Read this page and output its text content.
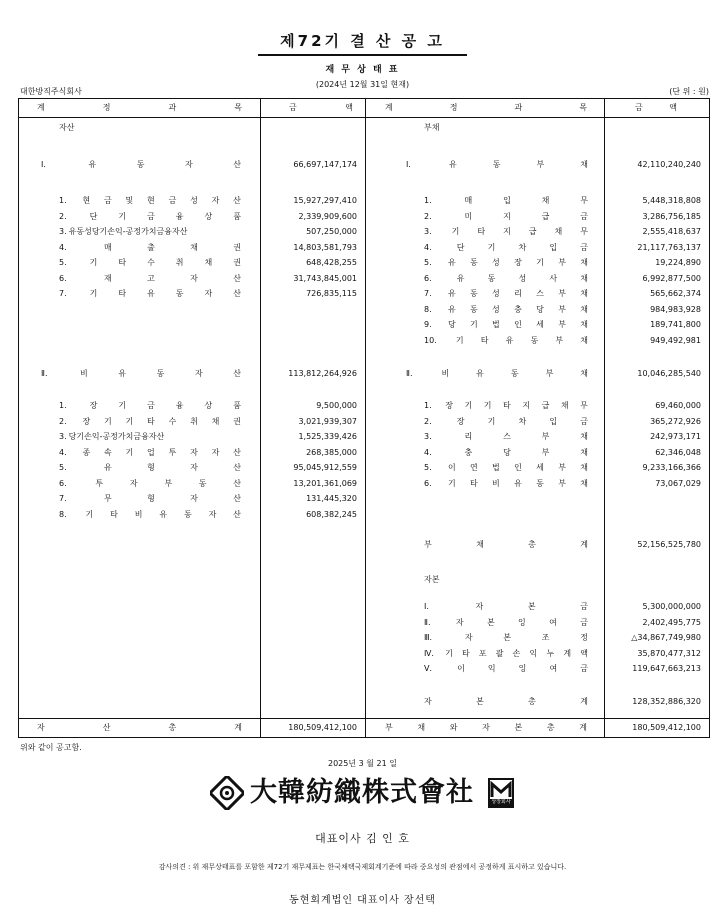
제72기 결 산 공 고
재 무 상 태 표
(2024년 12월 31일 현재)
대한방직주식회사	(단 위 : 원)
계	정	과	목	금	액	계	정	과	목	금	액
자 산
Ⅰ.	유	동	자	산	66,697,147,174
1. 현 금 및 현 금 성 자 산	15,927,297,410
2.	단	기	금	융	상	품	2,339,909,600
3. 유동성당기손익-공정가치금융자산	507,250,000
4.	매	출	채	권	14,803,581,793
5.	기	타	수	취	채	권	648,428,255
6.	재	고	자	산	31,743,845,001
7.	기	타	유	동	자	산	726,835,115
Ⅱ.	비	유	동	자	산	113,812,264,926
1.	장	기	금	융	상	품	9,500,000
2. 장 기 기 타 수 취 채 권	3,021,939,307
3. 당기손익-공정가치금융자산	1,525,339,426
4. 종 속 기 업 투 자 자 산	268,385,000
5.	유	형	자	산	95,045,912,559
6.	투	자	부	동	산	13,201,361,069
7.	무	형	자	산	131,445,320
8. 기 타 비 유 동 자 산	608,382,245
부 채
Ⅰ.	유	동	부	채	42,110,240,240
1.	매	입	채	무	5,448,318,808
2.	미	지	급	금	3,286,756,185
3. 기 타 지 급 채 무	2,555,418,637
4.	단	기	차	입	금	21,117,763,137
5. 유 동 성 장 기 부 채	19,224,890
6.	유	동	성	사	채	6,992,877,500
7. 유 동 성 리 스 부 채	565,662,374
8. 유 동 성 충 당 부 채	984,983,928
9. 당 기 법 인 세 부 채	189,741,800
10. 기 타 유 동 부 채	949,492,981
Ⅱ.	비	유	동	부	채	10,046,285,540
1. 장 기 기 타 지 급 채 무	69,460,000
2.	장	기	차	입	금	365,272,926
3.	리	스	부	채	242,973,171
4.	충	당	부	채	62,346,048
5. 이 연 법 인 세 부 채	9,233,166,366
6. 기 타 비 유 동 부 채	73,067,029
부	채	총	계	52,156,525,780
자 본
Ⅰ.	자	본	금	5,300,000,000
Ⅱ.	자	본	잉	여	금	2,402,495,775
Ⅲ.	자	본	조	정	△34,867,749,980
Ⅳ. 기 타 포 괄 손 익 누 계 액	35,870,477,312
Ⅴ.	이	익	잉	여	금	119,647,663,213
자	본	총	계	128,352,886,320
자	산	총	계	180,509,412,100	부	채	와	자	본	총	계	180,509,412,100
위와 같이 공고함.
2025년 3 월 21 일
大韓紡織株式會社	상장회사
대표이사 김 인 호
감사의견 : 위 재무상태표를 포함한 제72기 재무제표는 한국채택국제회계기준에 따라 중요성의 관점에서 공정하게 표시하고 있습니다.
동현회계법인 대표이사 장선택
